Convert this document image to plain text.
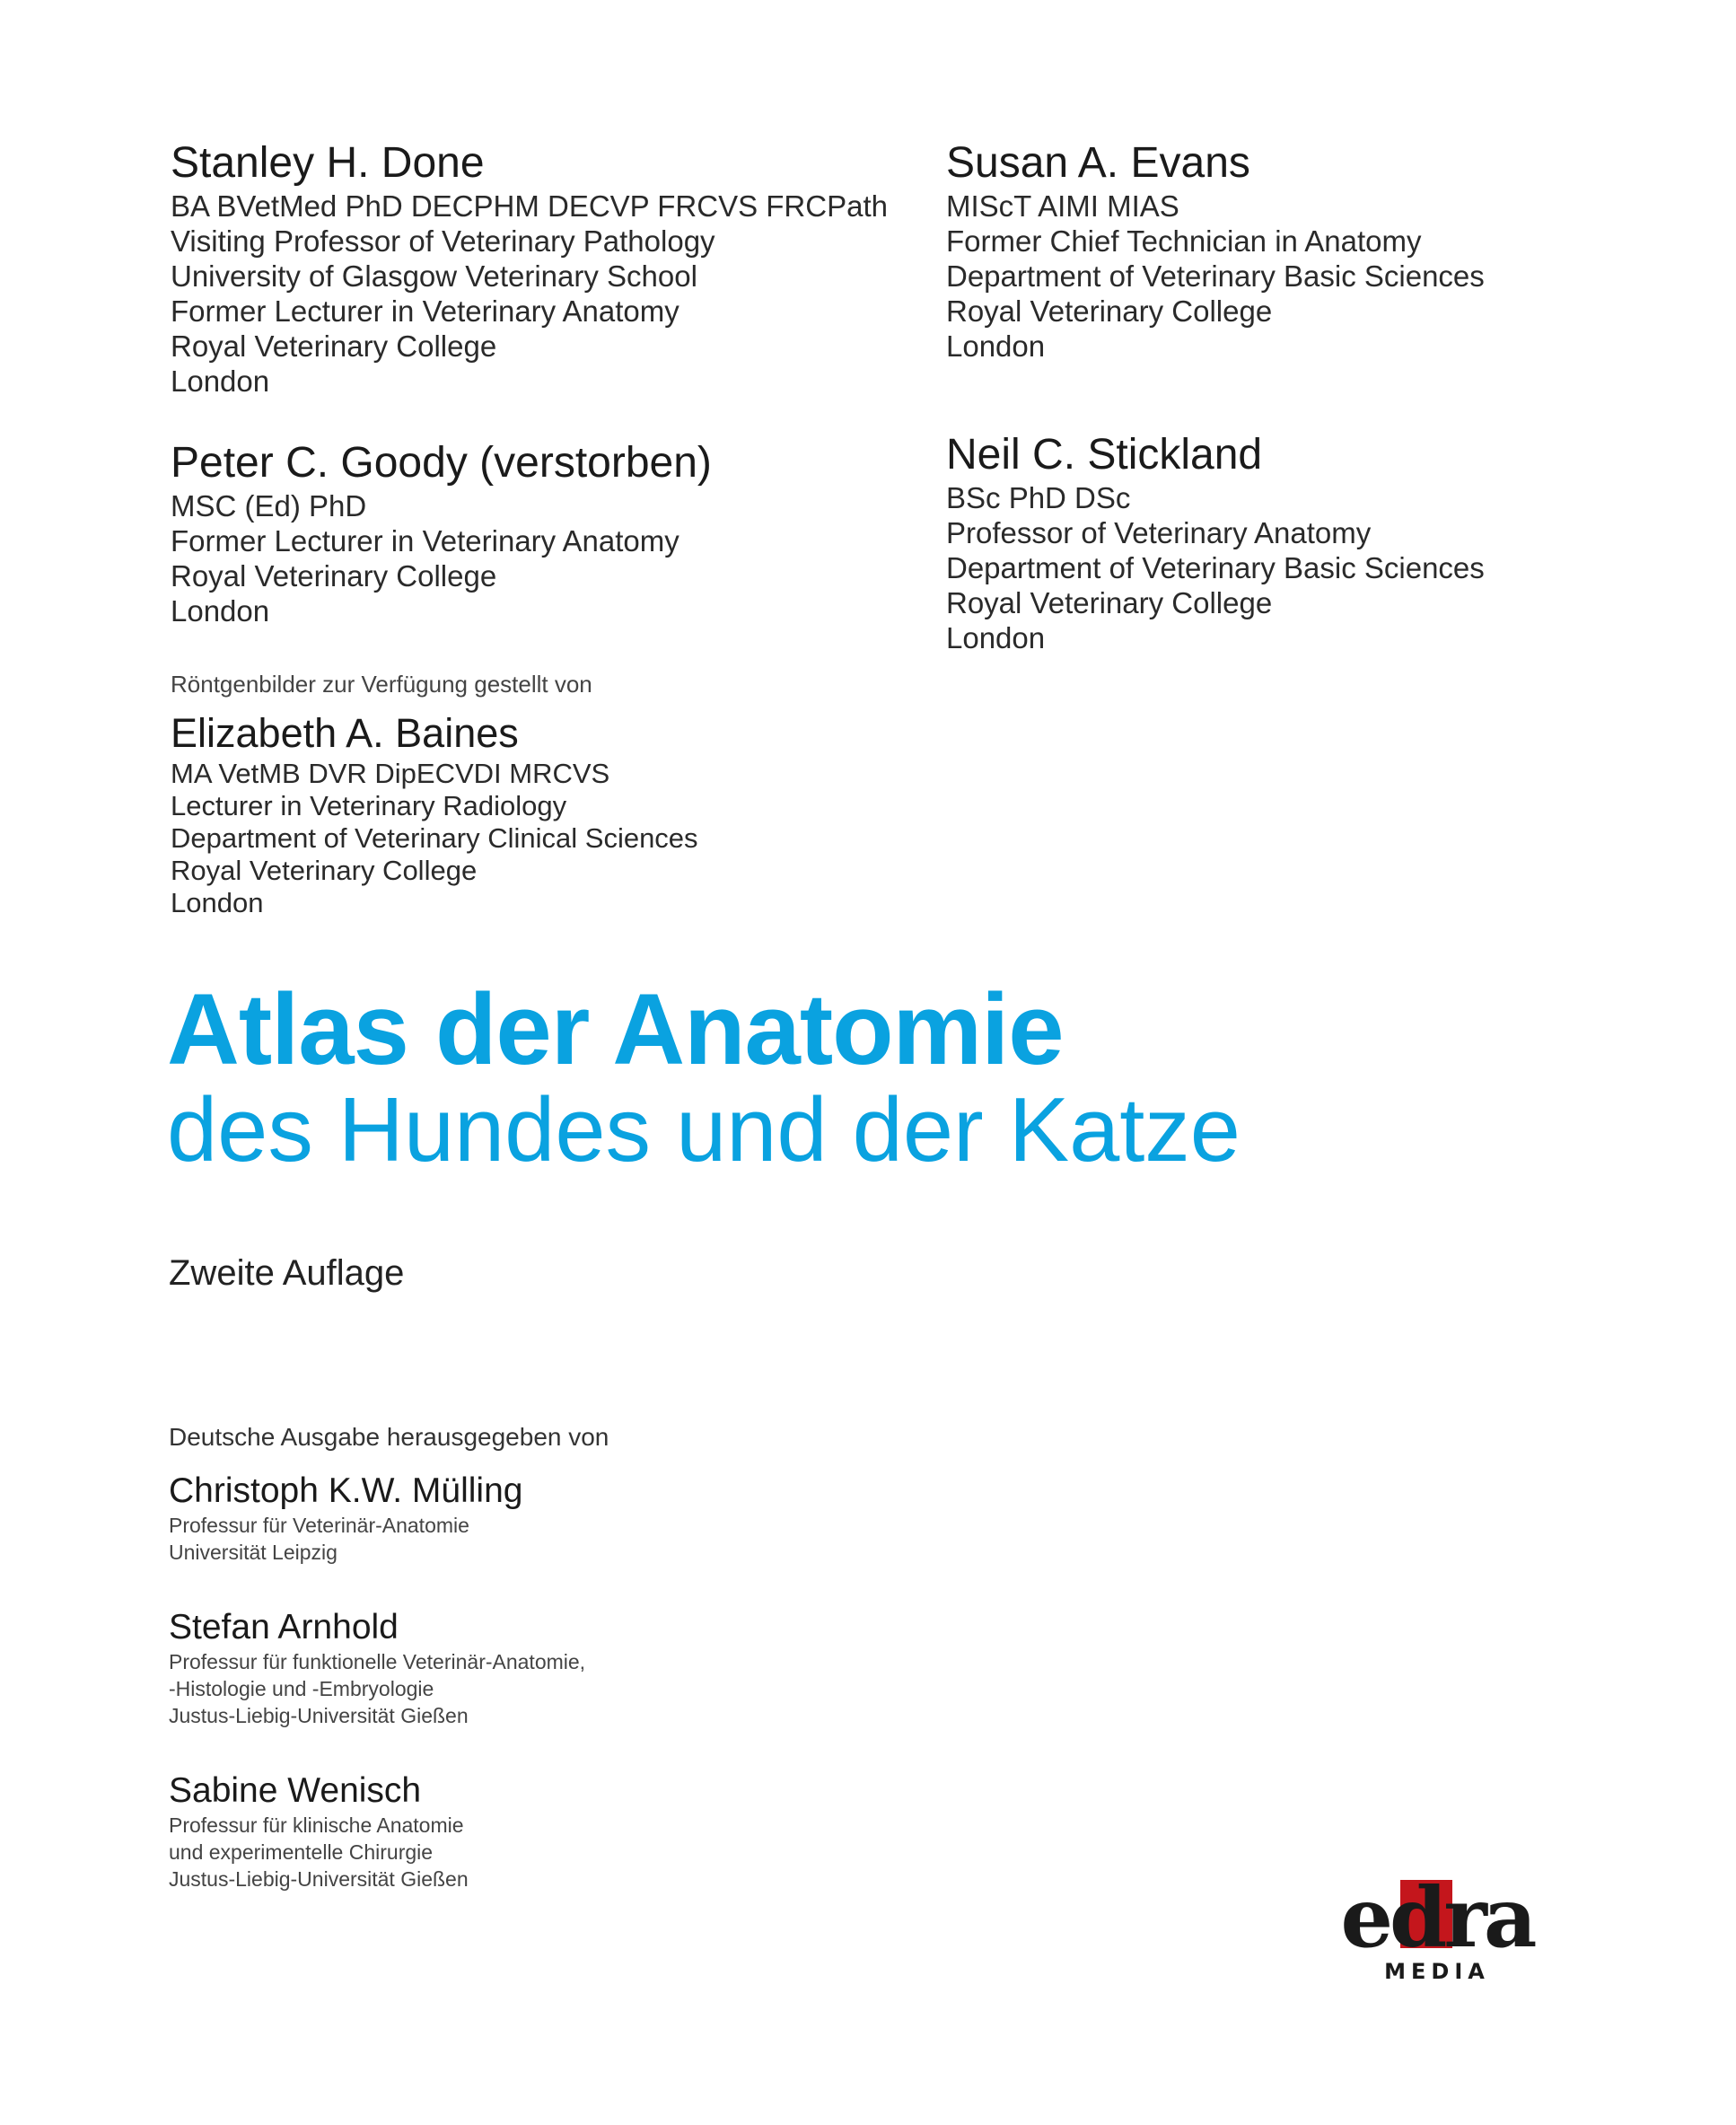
Stanley H. Done
BA BVetMed PhD DECPHM DECVP FRCVS FRCPath
Visiting Professor of Veterinary Pathology
University of Glasgow Veterinary School
Former Lecturer in Veterinary Anatomy
Royal Veterinary College
London
Susan A. Evans
MIScT AIMI MIAS
Former Chief Technician in Anatomy
Department of Veterinary Basic Sciences
Royal Veterinary College
London
Peter C. Goody (verstorben)
MSC (Ed) PhD
Former Lecturer in Veterinary Anatomy
Royal Veterinary College
London
Neil C. Stickland
BSc PhD DSc
Professor of Veterinary Anatomy
Department of Veterinary Basic Sciences
Royal Veterinary College
London
Röntgenbilder zur Verfügung gestellt von
Elizabeth A. Baines
MA VetMB DVR DipECVDI MRCVS
Lecturer in Veterinary Radiology
Department of Veterinary Clinical Sciences
Royal Veterinary College
London
Atlas der Anatomie
des Hundes und der Katze
Zweite Auflage
Deutsche Ausgabe herausgegeben von
Christoph K.W. Mülling
Professur für Veterinär-Anatomie
Universität Leipzig
Stefan Arnhold
Professur für funktionelle Veterinär-Anatomie,
-Histologie und -Embryologie
Justus-Liebig-Universität Gießen
Sabine Wenisch
Professur für klinische Anatomie
und experimentelle Chirurgie
Justus-Liebig-Universität Gießen	edra
MEDIA
